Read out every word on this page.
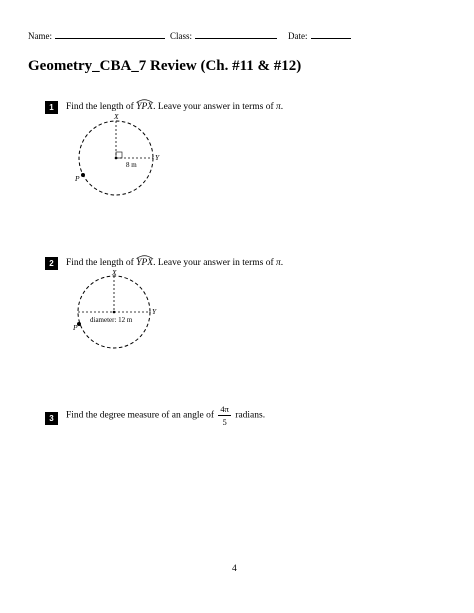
Name:	Class:	Date:
Geometry_CBA_7 Review (Ch. #11 & #12)
1	Find the length of YPX. Leave your answer in terms of π.
X
Y
P
8 m
2	Find the length of YPX. Leave your answer in terms of π.
X
Y
P
diameter: 12 m
3	Find the degree measure of an angle of $\frac{4\pi}{5}$ radians.
4
